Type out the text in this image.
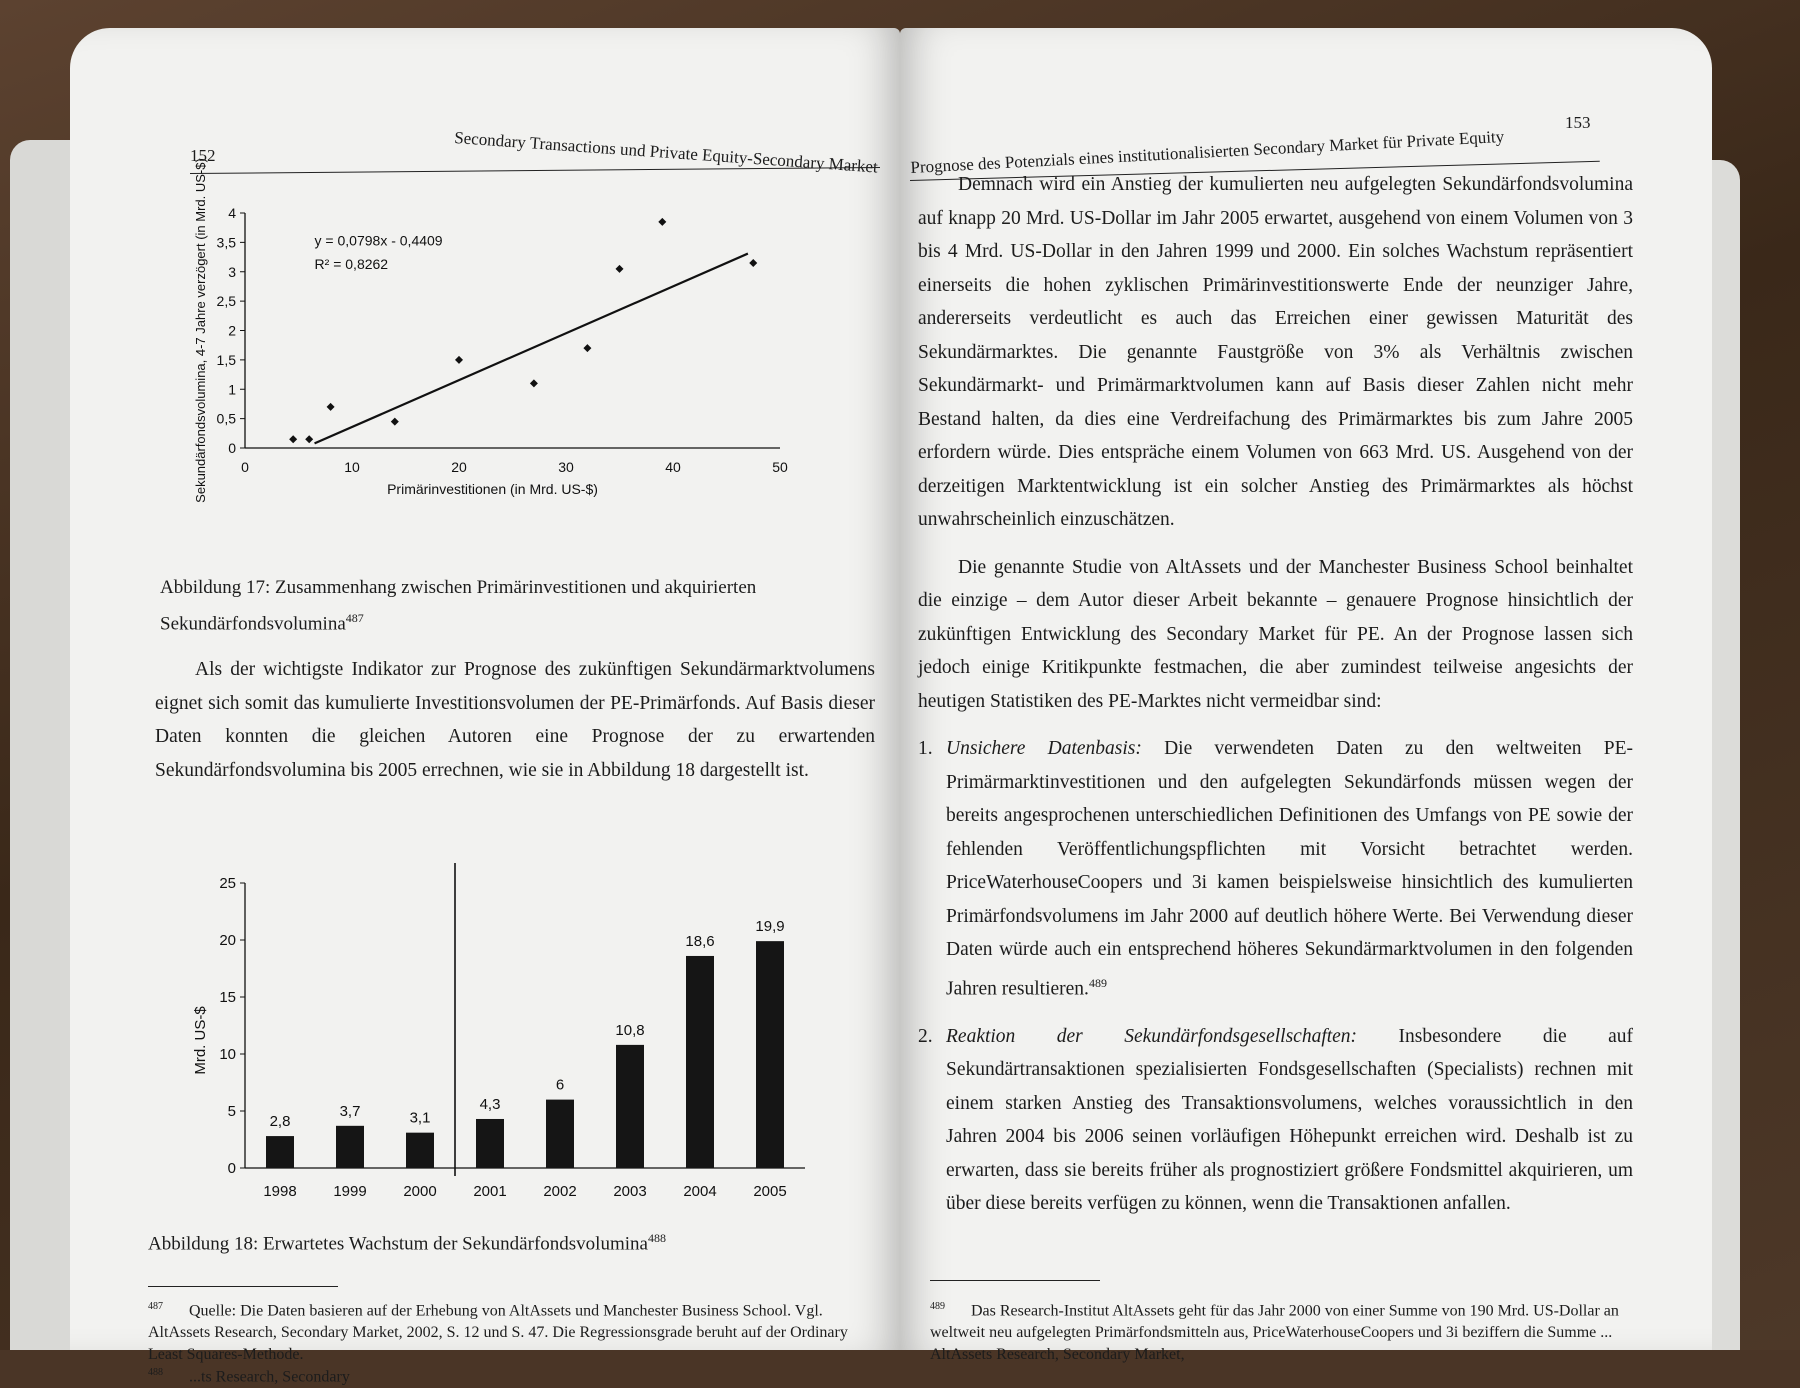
152	Secondary Transactions und Private Equity-Secondary Market
0
0,5
1
1,5
2
2,5
3
3,5
4
0	10	20	30	40	50
Primärinvestitionen (in Mrd. US-$)
Sekundärfondsvolumina, 4-7 Jahre verzögert (in Mrd. US-$)	y = 0,0798x - 0,4409
R² = 0,8262
Abbildung 17: Zusammenhang zwischen Primärinvestitionen und akquirierten Sekundärfondsvolumina$^{487}$

Als der wichtigste Indikator zur Prognose des zukünftigen Sekundärmarktvolumens eignet sich somit das kumulierte Investitionsvolumen der PE-Primärfonds. Auf Basis dieser Daten konnten die gleichen Autoren eine Prognose der zu erwartenden Sekundärfondsvolumina bis 2005 errechnen, wie sie in Abbildung 18 dargestellt ist.

0
5
10
15
20
25
Mrd. US-$
1998 1999 2000 2001 2002 2003 2004 2005
2,8
3,7	3,1
4,3
6
10,8
18,6
19,9
Abbildung 18: Erwartetes Wachstum der Sekundärfondsvolumina$^{488}$
$^{487}$ Quelle: Die Daten basieren auf der Erhebung von AltAssets und Manchester Business School. Vgl. AltAssets Research, Secondary Market, 2002, S. 12 und S. 47. Die Regressionsgrade beruht auf der Ordinary Least Squares-Methode.
$^{488}$ ...ts Research, Secondary
Prognose des Potenzials eines institutionalisierten Secondary Market für Private Equity
153

Demnach wird ein Anstieg der kumulierten neu aufgelegten Sekundärfondsvolumina auf knapp 20 Mrd. US-Dollar im Jahr 2005 erwartet, ausgehend von einem Volumen von 3 bis 4 Mrd. US-Dollar in den Jahren 1999 und 2000. Ein solches Wachstum repräsentiert einerseits die hohen zyklischen Primärinvestitionswerte Ende der neunziger Jahre, andererseits verdeutlicht es auch das Erreichen einer gewissen Maturität des Sekundärmarktes. Die genannte Faustgröße von 3% als Verhältnis zwischen Sekundärmarkt- und Primärmarktvolumen kann auf Basis dieser Zahlen nicht mehr Bestand halten, da dies eine Verdreifachung des Primärmarktes bis zum Jahre 2005 erfordern würde. Dies entspräche einem Volumen von 663 Mrd. US. Ausgehend von der derzeitigen Marktentwicklung ist ein solcher Anstieg des Primärmarktes als höchst unwahrscheinlich einzuschätzen.

Die genannte Studie von AltAssets und der Manchester Business School beinhaltet die einzige – dem Autor dieser Arbeit bekannte – genauere Prognose hinsichtlich der zukünftigen Entwicklung des Secondary Market für PE. An der Prognose lassen sich jedoch einige Kritikpunkte festmachen, die aber zumindest teilweise angesichts der heutigen Statistiken des PE-Marktes nicht vermeidbar sind:

1. Unsichere Datenbasis: Die verwendeten Daten zu den weltweiten PE-Primärmarktinvestitionen und den aufgelegten Sekundärfonds müssen wegen der bereits angesprochenen unterschiedlichen Definitionen des Umfangs von PE sowie der fehlenden Veröffentlichungspflichten mit Vorsicht betrachtet werden. PriceWaterhouseCoopers und 3i kamen beispielsweise hinsichtlich des kumulierten Primärfondsvolumens im Jahr 2000 auf deutlich höhere Werte. Bei Verwendung dieser Daten würde auch ein entsprechend höheres Sekundärmarktvolumen in den folgenden Jahren resultieren.$^{489}$
2. Reaktion der Sekundärfondsgesellschaften: Insbesondere die auf Sekundärtransaktionen spezialisierten Fondsgesellschaften (Specialists) rechnen mit einem starken Anstieg des Transaktionsvolumens, welches voraussichtlich in den Jahren 2004 bis 2006 seinen vorläufigen Höhepunkt erreichen wird. Deshalb ist zu erwarten, dass sie bereits früher als prognostiziert größere Fondsmittel akquirieren, um über diese bereits verfügen zu können, wenn die Transaktionen anfallen.
$^{489}$ Das Research-Institut AltAssets geht für das Jahr 2000 von einer Summe von 190 Mrd. US-Dollar an weltweit neu aufgelegten Primärfondsmitteln aus, PriceWaterhouseCoopers und 3i beziffern die Summe ... AltAssets Research, Secondary Market,
